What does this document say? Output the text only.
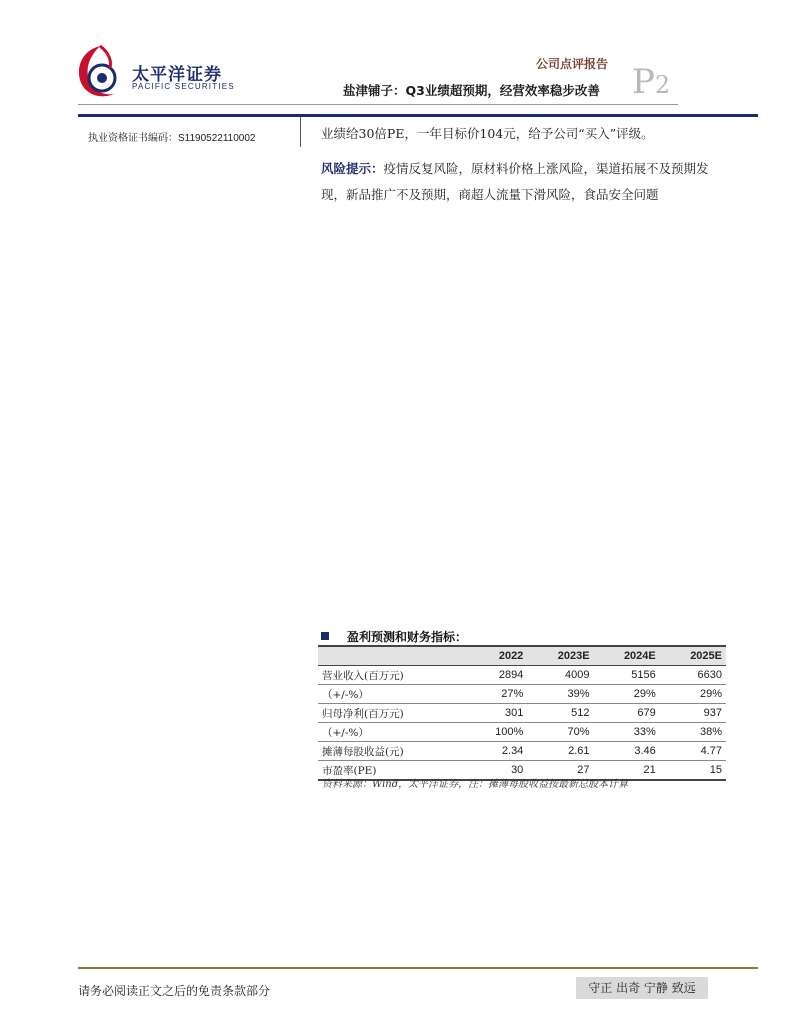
太平洋证券
PACIFIC SECURITIES
公司点评报告
盐津铺子：Q3业绩超预期，经营效率稳步改善 P2
执业资格证书编码：S1190522110002	业绩给30倍PE，一年目标价104元，给予公司“买入”评级。
风险提示：疫情反复风险，原材料价格上涨风险，渠道拓展不及预期发现，新品推广不及预期，商超人流量下滑风险，食品安全问题
盈利预测和财务指标：
	2022	2023E	2024E	2025E
营业收入(百万元)	2894	4009	5156	6630
（+/-%）	27%	39%	29%	29%
归母净利(百万元)	301	512	679	937
（+/-%）	100%	70%	33%	38%
摊薄每股收益(元)	2.34	2.61	3.46	4.77
市盈率(PE)	30	27	21	15
资料来源：Wind，太平洋证券，注：摊薄每股收益按最新总股本计算
请务必阅读正文之后的免责条款部分	守正 出奇 宁静 致远
